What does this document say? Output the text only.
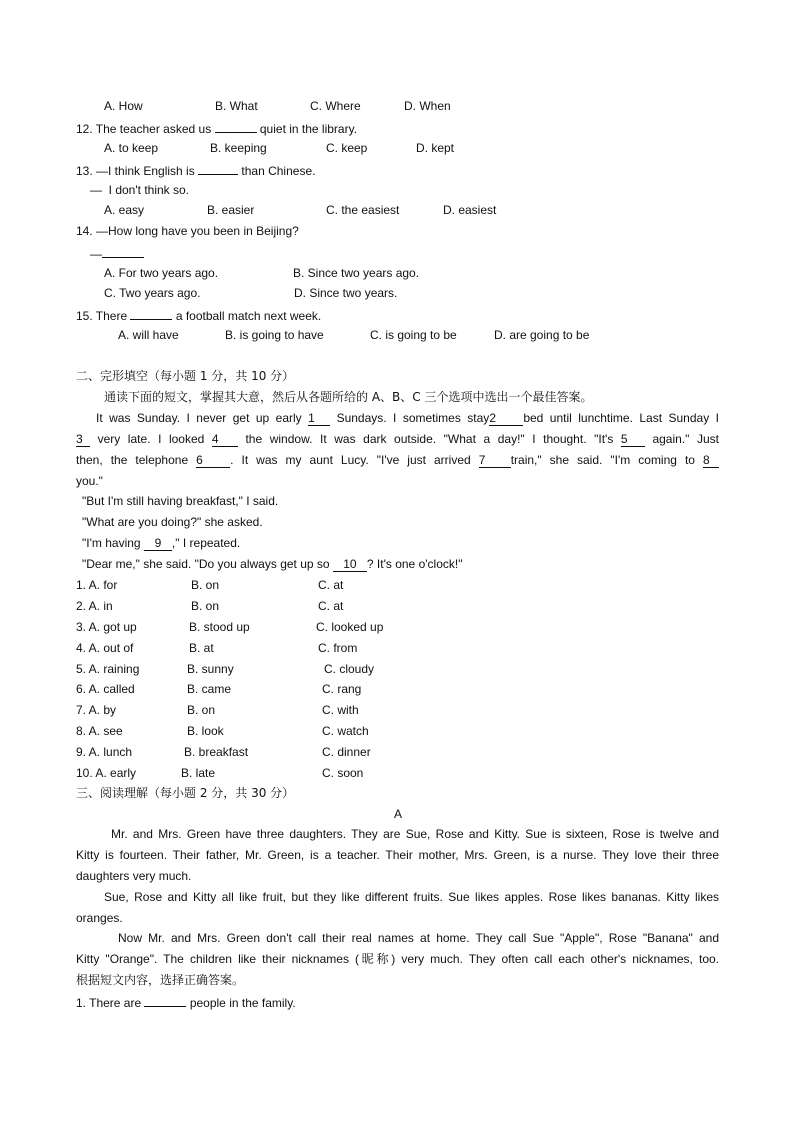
A. How	B. What	C. Where	D. When
12. The teacher asked us	quiet in the library.
A. to keep	B. keeping	C. keep	D. kept
13. —I think English is	than Chinese.
—  I don't think so.
A. easy	B. easier	C. the easiest	D. easiest
14. —How long have you been in Beijing?
—
A. For two years ago.	B. Since two years ago.
C. Two years ago.	D. Since two years.
15. There	a football match next week.
A. will have	B. is going to have	C. is going to be	D. are going to be
二、完形填空（每小题 1 分，共 10 分）
通读下面的短文，掌握其大意，然后从各题所给的 A、B、C 三个选项中选出一个最佳答案。
It was Sunday. I never get up early 1 Sundays. I sometimes stay2 bed until lunchtime. Last Sunday I
3 very late. I looked 4 the window. It was dark outside. "What a day!" I thought. "It's 5 again." Just
then, the telephone 6 . It was my aunt Lucy. "I've just arrived 7 train," she said. "I'm coming to 8
you."
"But I'm still having breakfast," I said.
"What are you doing?" she asked.
"I'm having 9 ," I repeated.
"Dear me," she said. "Do you always get up so 10 ? It's one o'clock!"
1. A. for	B. on	C. at
2. A. in	B. on	C. at
3. A. got up	B. stood up	C. looked up
4. A. out of	B. at	C. from
5. A. raining	B. sunny	C. cloudy
6. A. called	B. came	C. rang
7. A. by	B. on	C. with
8. A. see	B. look	C. watch
9. A. lunch	B. breakfast	C. dinner
10. A. early	B. late	C. soon
三、阅读理解（每小题 2 分，共 30 分）
A
Mr. and Mrs. Green have three daughters. They are Sue, Rose and Kitty. Sue is sixteen, Rose is twelve and
Kitty is fourteen. Their father, Mr. Green, is a teacher. Their mother, Mrs. Green, is a nurse. They love their three
daughters very much.
Sue, Rose and Kitty all like fruit, but they like different fruits. Sue likes apples. Rose likes bananas. Kitty likes
oranges.
Now Mr. and Mrs. Green don't call their real names at home. They call Sue "Apple", Rose "Banana" and
Kitty "Orange". The children like their nicknames (昵称) very much. They often call each other's nicknames, too.
根据短文内容，选择正确答案。
1. There are	people in the family.
